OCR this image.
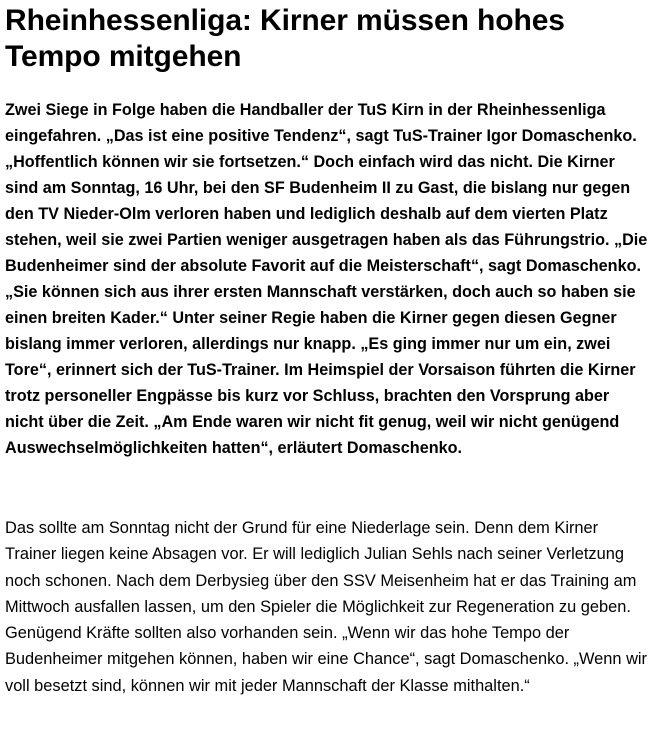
Rheinhessenliga: Kirner müssen hohes Tempo mitgehen

Zwei Siege in Folge haben die Handballer der TuS Kirn in der Rheinhessenliga eingefahren. „Das ist eine positive Tendenz“, sagt TuS-Trainer Igor Domaschenko. „Hoffentlich können wir sie fortsetzen.“ Doch einfach wird das nicht. Die Kirner sind am Sonntag, 16 Uhr, bei den SF Budenheim II zu Gast, die bislang nur gegen den TV Nieder-Olm verloren haben und lediglich deshalb auf dem vierten Platz stehen, weil sie zwei Partien weniger ausgetragen haben als das Führungstrio. „Die Budenheimer sind der absolute Favorit auf die Meisterschaft“, sagt Domaschenko. „Sie können sich aus ihrer ersten Mannschaft verstärken, doch auch so haben sie einen breiten Kader.“ Unter seiner Regie haben die Kirner gegen diesen Gegner bislang immer verloren, allerdings nur knapp. „Es ging immer nur um ein, zwei Tore“, erinnert sich der TuS-Trainer. Im Heimspiel der Vorsaison führten die Kirner trotz personeller Engpässe bis kurz vor Schluss, brachten den Vorsprung aber nicht über die Zeit. „Am Ende waren wir nicht fit genug, weil wir nicht genügend Auswechselmöglichkeiten hatten“, erläutert Domaschenko.

Das sollte am Sonntag nicht der Grund für eine Niederlage sein. Denn dem Kirner Trainer liegen keine Absagen vor. Er will lediglich Julian Sehls nach seiner Verletzung noch schonen. Nach dem Derbysieg über den SSV Meisenheim hat er das Training am Mittwoch ausfallen lassen, um den Spieler die Möglichkeit zur Regeneration zu geben. Genügend Kräfte sollten also vorhanden sein. „Wenn wir das hohe Tempo der Budenheimer mitgehen können, haben wir eine Chance“, sagt Domaschenko. „Wenn wir voll besetzt sind, können wir mit jeder Mannschaft der Klasse mithalten.“
